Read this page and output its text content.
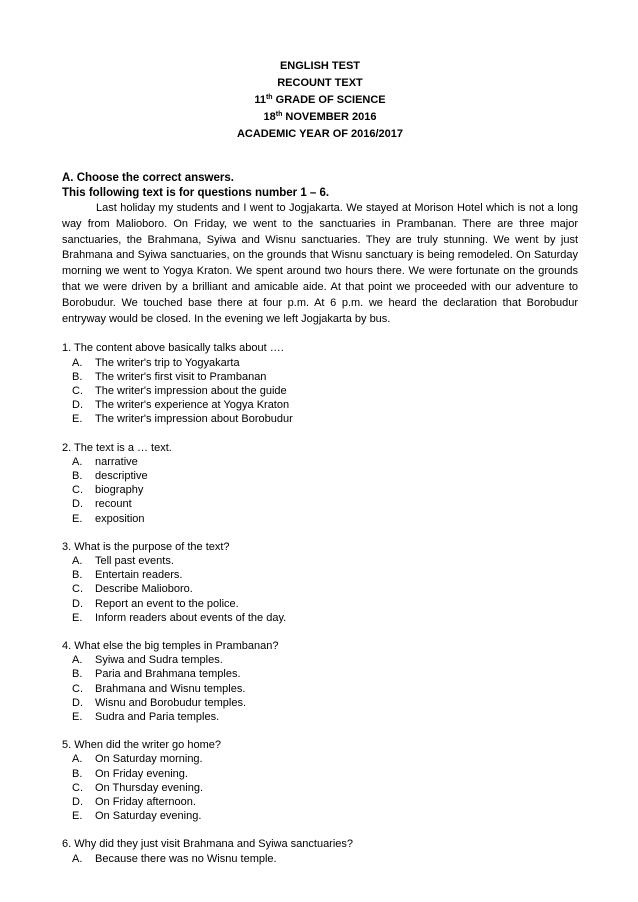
ENGLISH TEST
RECOUNT TEXT
11th GRADE OF SCIENCE
18th NOVEMBER 2016
ACADEMIC YEAR OF 2016/2017
A. Choose the correct answers.
This following text is for questions number 1 – 6.

Last holiday my students and I went to Jogjakarta. We stayed at Morison Hotel which is not a long way from Malioboro. On Friday, we went to the sanctuaries in Prambanan. There are three major sanctuaries, the Brahmana, Syiwa and Wisnu sanctuaries. They are truly stunning. We went by just Brahmana and Syiwa sanctuaries, on the grounds that Wisnu sanctuary is being remodeled. On Saturday morning we went to Yogya Kraton. We spent around two hours there. We were fortunate on the grounds that we were driven by a brilliant and amicable aide. At that point we proceeded with our adventure to Borobudur. We touched base there at four p.m. At 6 p.m. we heard the declaration that Borobudur entryway would be closed. In the evening we left Jogjakarta by bus.

1. The content above basically talks about ….

A.	The writer's trip to Yogyakarta
B.	The writer's first visit to Prambanan
C.	The writer's impression about the guide
D.	The writer's experience at Yogya Kraton
E.	The writer's impression about Borobudur

2. The text is a … text.

A.	narrative
B.	descriptive
C.	biography
D.	recount
E.	exposition

3. What is the purpose of the text?

A.	Tell past events.
B.	Entertain readers.
C.	Describe Malioboro.
D.	Report an event to the police.
E.	Inform readers about events of the day.

4. What else the big temples in Prambanan?

A.	Syiwa and Sudra temples.
B.	Paria and Brahmana temples.
C.	Brahmana and Wisnu temples.
D.	Wisnu and Borobudur temples.
E.	Sudra and Paria temples.

5. When did the writer go home?

A.	On Saturday morning.
B.	On Friday evening.
C.	On Thursday evening.
D.	On Friday afternoon.
E.	On Saturday evening.

6. Why did they just visit Brahmana and Syiwa sanctuaries?

A.	Because there was no Wisnu temple.
